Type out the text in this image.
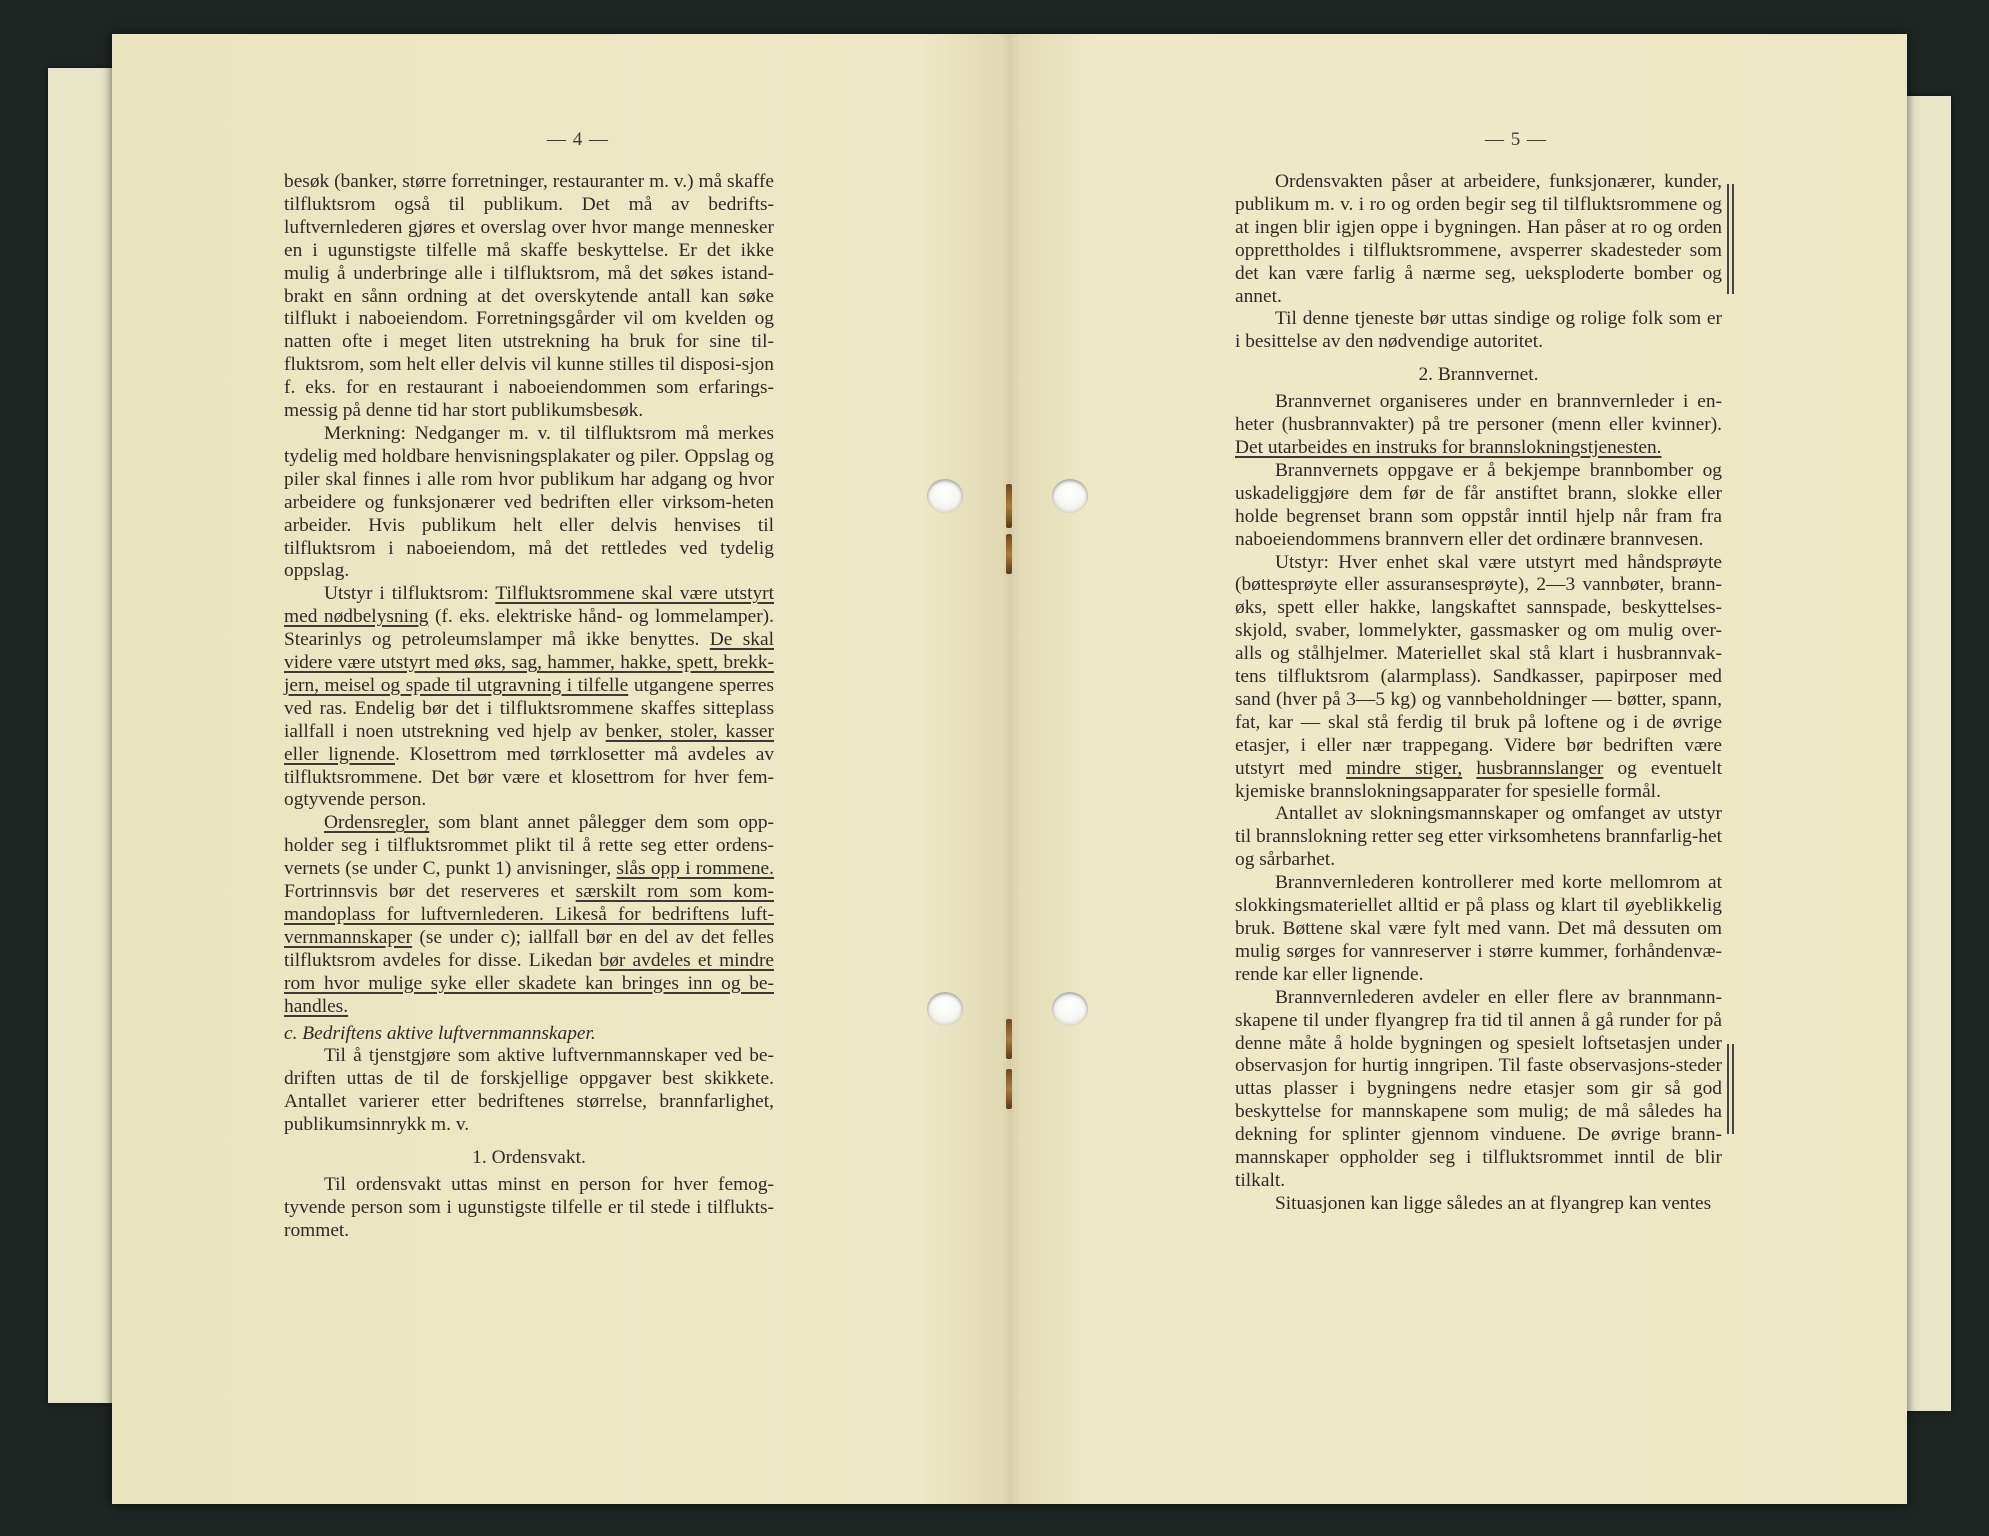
— 4 —

besøk (banker, større forretninger, restauranter m. v.) må skaffe tilfluktsrom også til publikum. Det må av bedrifts-luftvernlederen gjøres et overslag over hvor mange mennesker en i ugunstigste tilfelle må skaffe beskyttelse. Er det ikke mulig å underbringe alle i tilfluktsrom, må det søkes istand-brakt en sånn ordning at det overskytende antall kan søke tilflukt i naboeiendom. Forretningsgårder vil om kvelden og natten ofte i meget liten utstrekning ha bruk for sine til-fluktsrom, som helt eller delvis vil kunne stilles til disposi-sjon f. eks. for en restaurant i naboeiendommen som erfarings-messig på denne tid har stort publikumsbesøk.

Merkning: Nedganger m. v. til tilfluktsrom må merkes tydelig med holdbare henvisningsplakater og piler. Oppslag og piler skal finnes i alle rom hvor publikum har adgang og hvor arbeidere og funksjonærer ved bedriften eller virksom-heten arbeider. Hvis publikum helt eller delvis henvises til tilfluktsrom i naboeiendom, må det rettledes ved tydelig oppslag.

Utstyr i tilfluktsrom: Tilfluktsrommene skal være utstyrt med nødbelysning (f. eks. elektriske hånd- og lommelamper). Stearinlys og petroleumslamper må ikke benyttes. De skal videre være utstyrt med øks, sag, hammer, hakke, spett, brekk-jern, meisel og spade til utgravning i tilfelle utgangene sperres ved ras. Endelig bør det i tilfluktsrommene skaffes sitteplass iallfall i noen utstrekning ved hjelp av benker, stoler, kasser eller lignende. Klosettrom med tørrklosetter må avdeles av tilfluktsrommene. Det bør være et klosettrom for hver fem-ogtyvende person.

Ordensregler, som blant annet pålegger dem som opp-holder seg i tilfluktsrommet plikt til å rette seg etter ordens-vernets (se under C, punkt 1) anvisninger, slås opp i rommene. Fortrinnsvis bør det reserveres et særskilt rom som kom-mandoplass for luftvernlederen. Likeså for bedriftens luft-vernmannskaper (se under c); iallfall bør en del av det felles tilfluktsrom avdeles for disse. Likedan bør avdeles et mindre rom hvor mulige syke eller skadete kan bringes inn og be-handles.

c. Bedriftens aktive luftvernmannskaper.

Til å tjenstgjøre som aktive luftvernmannskaper ved be-driften uttas de til de forskjellige oppgaver best skikkete. Antallet varierer etter bedriftenes størrelse, brannfarlighet, publikumsinnrykk m. v.

1. Ordensvakt.

Til ordensvakt uttas minst en person for hver femog-tyvende person som i ugunstigste tilfelle er til stede i tilflukts-rommet.

— 5 —

Ordensvakten påser at arbeidere, funksjonærer, kunder, publikum m. v. i ro og orden begir seg til tilfluktsrommene og at ingen blir igjen oppe i bygningen. Han påser at ro og orden opprettholdes i tilfluktsrommene, avsperrer skadesteder som det kan være farlig å nærme seg, ueksploderte bomber og annet.

Til denne tjeneste bør uttas sindige og rolige folk som er i besittelse av den nødvendige autoritet.

2. Brannvernet.

Brannvernet organiseres under en brannvernleder i en-heter (husbrannvakter) på tre personer (menn eller kvinner). Det utarbeides en instruks for brannslokningstjenesten.

Brannvernets oppgave er å bekjempe brannbomber og uskadeliggjøre dem før de får anstiftet brann, slokke eller holde begrenset brann som oppstår inntil hjelp når fram fra naboeiendommens brannvern eller det ordinære brannvesen.

Utstyr: Hver enhet skal være utstyrt med håndsprøyte (bøttesprøyte eller assuransesprøyte), 2—3 vannbøter, brann-øks, spett eller hakke, langskaftet sannspade, beskyttelses-skjold, svaber, lommelykter, gassmasker og om mulig over-alls og stålhjelmer. Materiellet skal stå klart i husbrannvak-tens tilfluktsrom (alarmplass). Sandkasser, papirposer med sand (hver på 3—5 kg) og vannbeholdninger — bøtter, spann, fat, kar — skal stå ferdig til bruk på loftene og i de øvrige etasjer, i eller nær trappegang. Videre bør bedriften være utstyrt med mindre stiger, husbrannslanger og eventuelt kjemiske brannslokningsapparater for spesielle formål.

Antallet av slokningsmannskaper og omfanget av utstyr til brannslokning retter seg etter virksomhetens brannfarlig-het og sårbarhet.

Brannvernlederen kontrollerer med korte mellomrom at slokkingsmateriellet alltid er på plass og klart til øyeblikkelig bruk. Bøttene skal være fylt med vann. Det må dessuten om mulig sørges for vannreserver i større kummer, forhåndenvæ-rende kar eller lignende.

Brannvernlederen avdeler en eller flere av brannmann-skapene til under flyangrep fra tid til annen å gå runder for på denne måte å holde bygningen og spesielt loftsetasjen under observasjon for hurtig inngripen. Til faste observasjons-steder uttas plasser i bygningens nedre etasjer som gir så god beskyttelse for mannskapene som mulig; de må således ha dekning for splinter gjennom vinduene. De øvrige brann-mannskaper oppholder seg i tilfluktsrommet inntil de blir tilkalt.

Situasjonen kan ligge således an at flyangrep kan ventes
